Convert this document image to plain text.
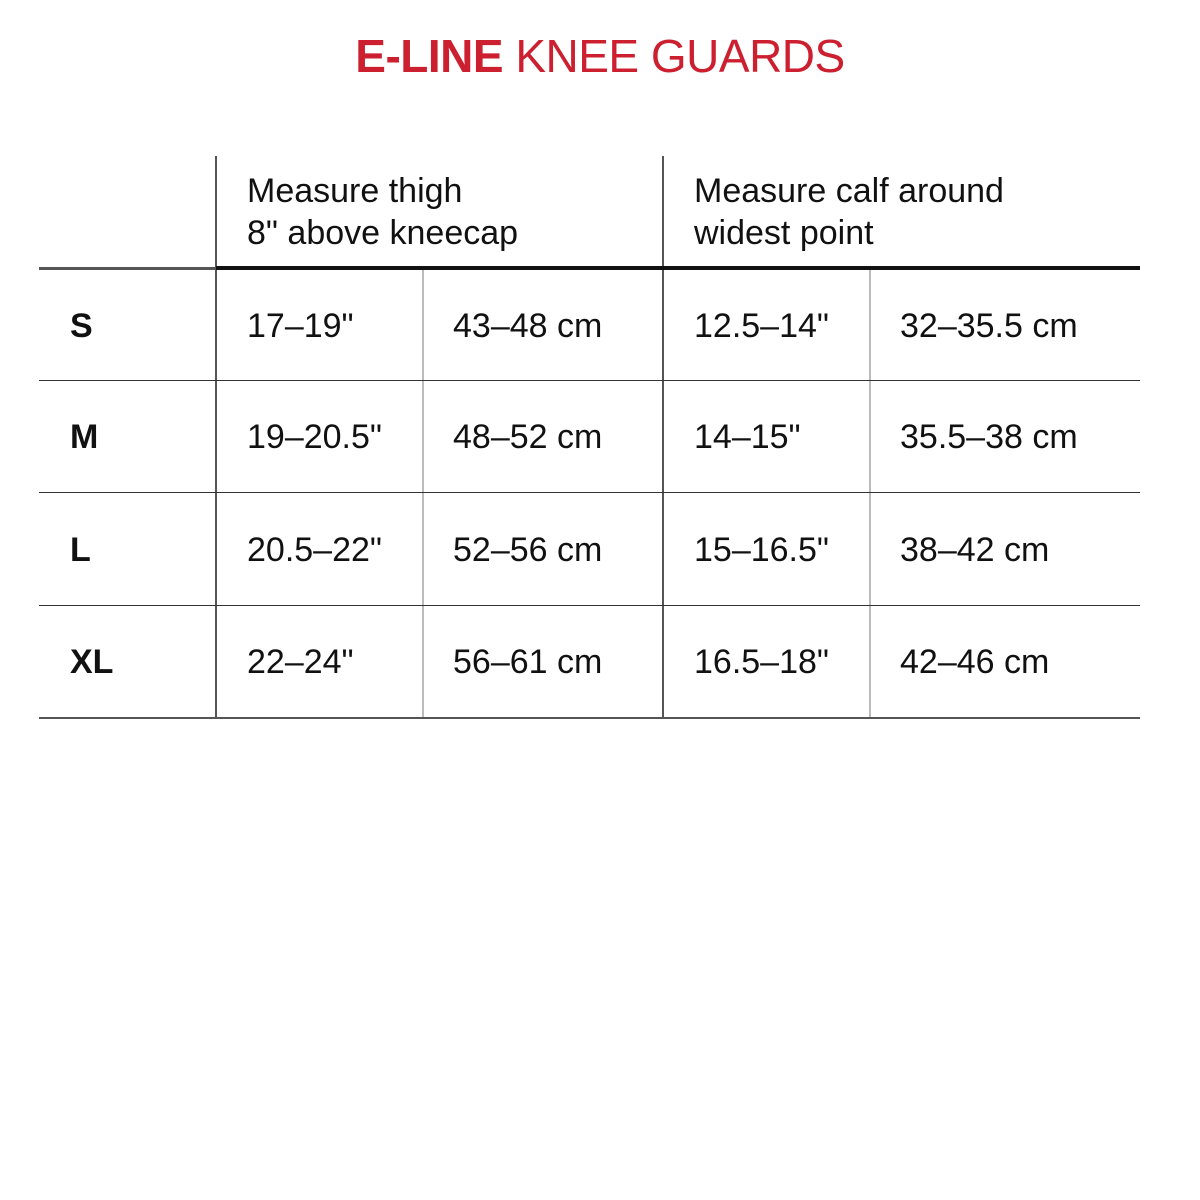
E-LINE KNEE GUARDS
Measure thigh
8" above kneecap
Measure calf around
widest point
S	17–19"	43–48 cm	12.5–14" 32–35.5 cm
M	19–20.5" 48–52 cm	14–15"	35.5–38 cm
L	20.5–22" 52–56 cm	15–16.5" 38–42 cm
XL	22–24"	56–61 cm	16.5–18" 42–46 cm
